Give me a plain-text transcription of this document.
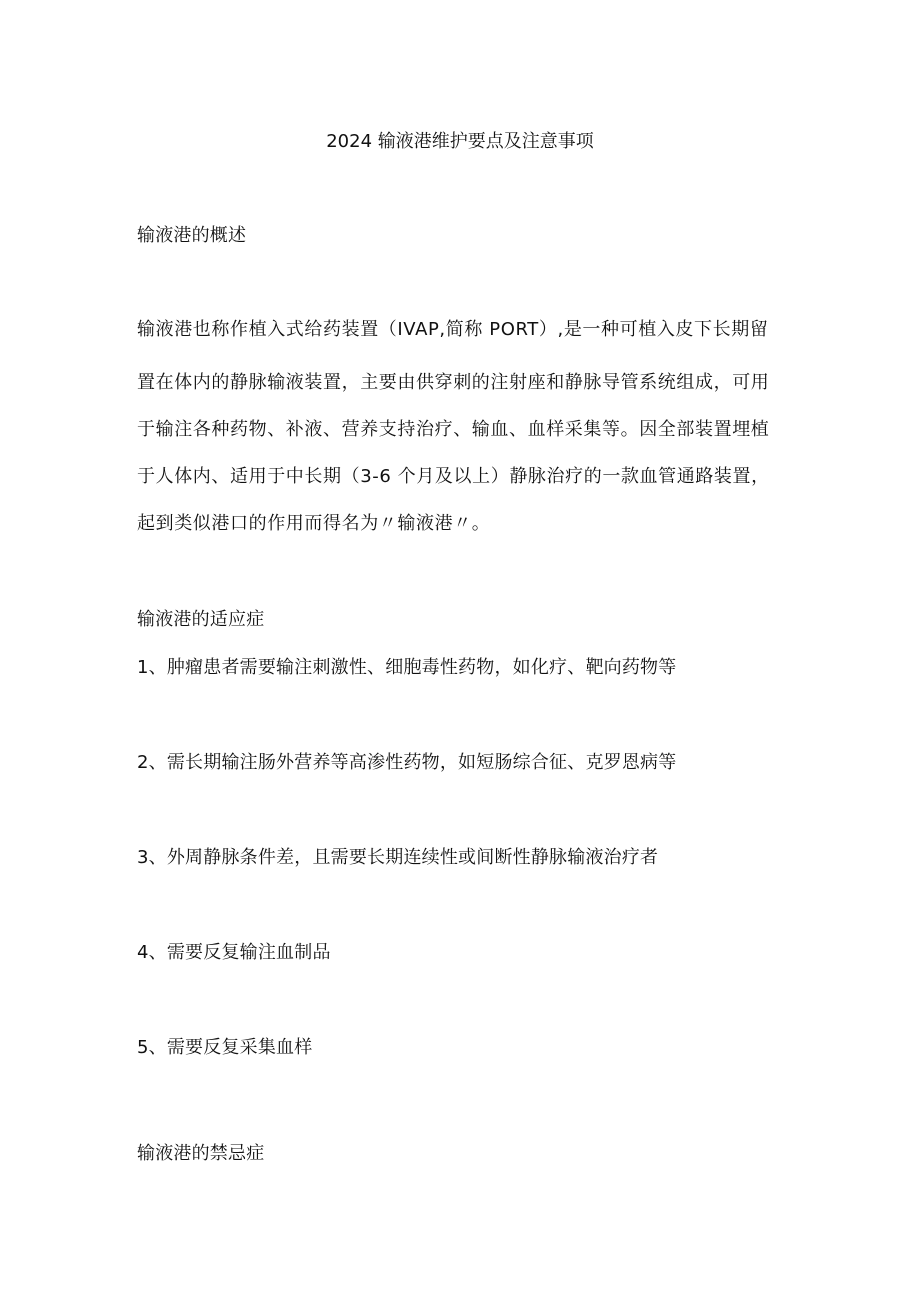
2024 输液港维护要点及注意事项
输液港的概述
输液港也称作植入式给药装置（IVAP,简称 PORT）,是一种可植入皮下长期留
置在体内的静脉输液装置，主要由供穿刺的注射座和静脉导管系统组成，可用
于输注各种药物、补液、营养支持治疗、输血、血样采集等。因全部装置埋植
于人体内、适用于中长期（3-6 个月及以上）静脉治疗的一款血管通路装置，
起到类似港口的作用而得名为〃输液港〃。
输液港的适应症
1、肿瘤患者需要输注刺激性、细胞毒性药物，如化疗、靶向药物等
2、需长期输注肠外营养等高渗性药物，如短肠综合征、克罗恩病等
3、外周静脉条件差，且需要长期连续性或间断性静脉输液治疗者
4、需要反复输注血制品
5、需要反复采集血样
输液港的禁忌症
